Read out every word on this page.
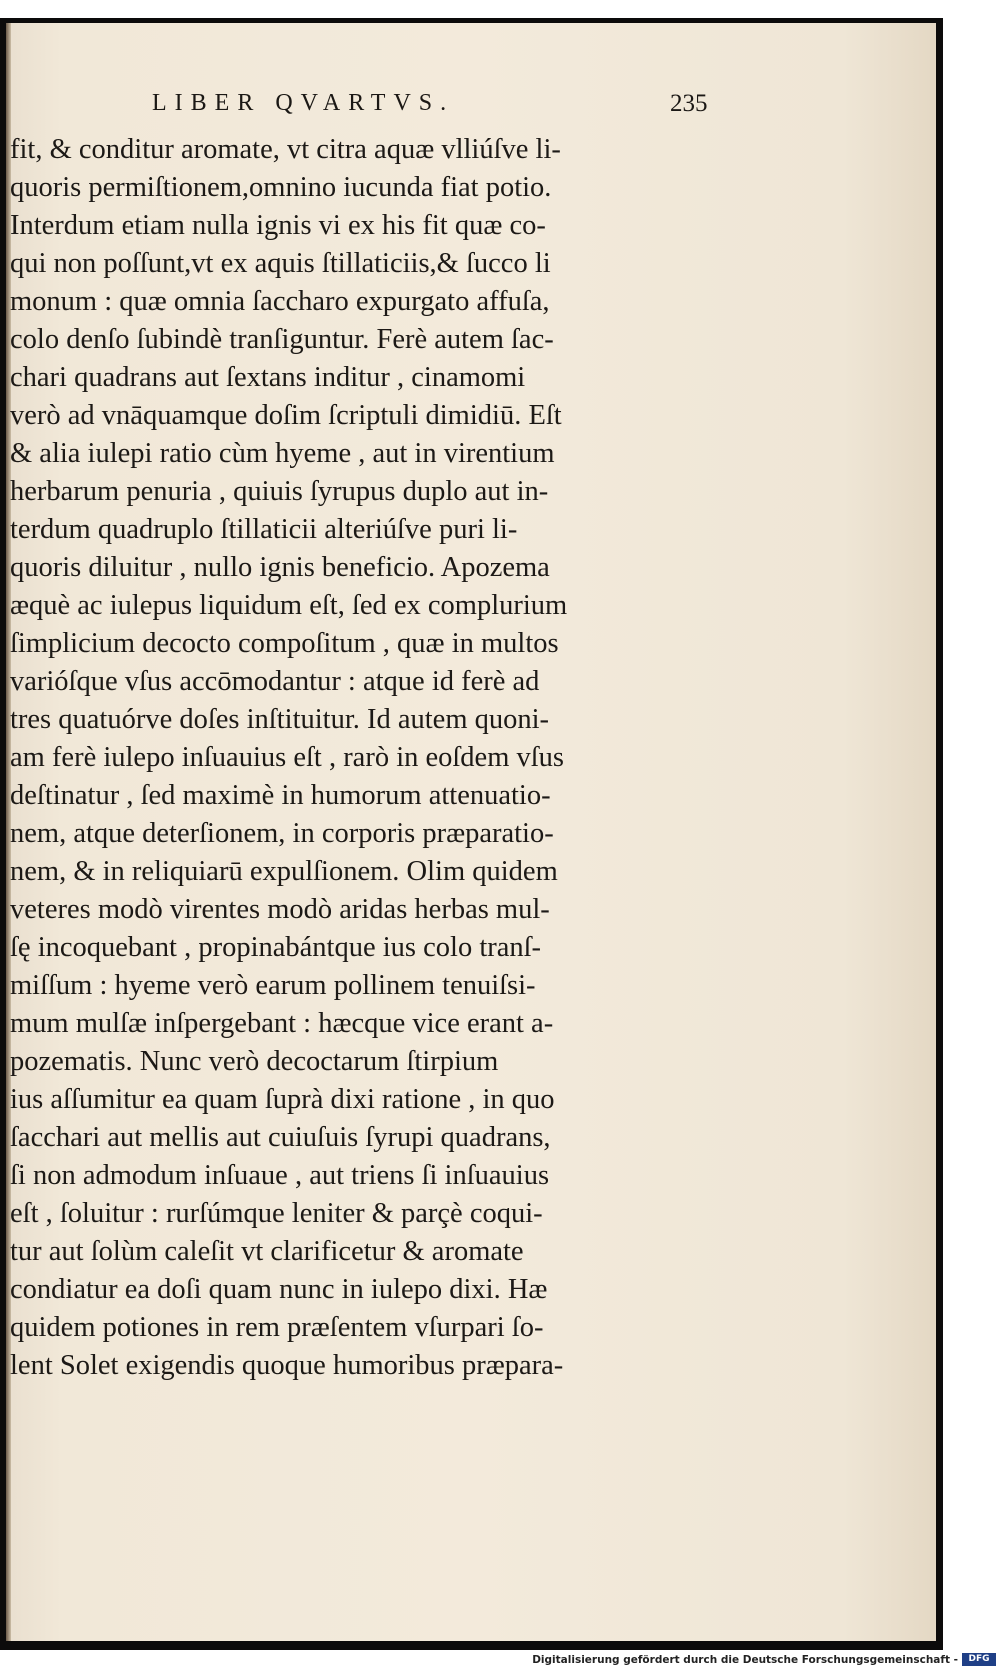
LIBER QVARTVS.	235
fit, & conditur aromate, vt citra aquæ vlliúſve li-
quoris permiſtionem,omnino iucunda fiat potio.
Interdum etiam nulla ignis vi ex his fit quæ co-
qui non poſſunt,vt ex aquis ſtillaticiis,& ſucco li
monum : quæ omnia ſaccharo expurgato affuſa,
colo denſo ſubindè tranſiguntur. Ferè autem ſac-
chari quadrans aut ſextans inditur , cinamomi
verò ad vnāquamque doſim ſcriptuli dimidiū. Eſt
& alia iulepi ratio cùm hyeme , aut in virentium
herbarum penuria , quiuis ſyrupus duplo aut in-
terdum quadruplo ſtillaticii alteriúſve puri li-
quoris diluitur , nullo ignis beneficio. Apozema
æquè ac iulepus liquidum eſt, ſed ex complurium
ſimplicium decocto compoſitum , quæ in multos
varióſque vſus accōmodantur : atque id ferè ad
tres quatuórve doſes inſtituitur. Id autem quoni-
am ferè iulepo inſuauius eſt , rarò in eoſdem vſus
deſtinatur , ſed maximè in humorum attenuatio-
nem, atque deterſionem, in corporis præparatio-
nem, & in reliquiarū expulſionem. Olim quidem
veteres modò virentes modò aridas herbas mul-
ſę incoquebant , propinabántque ius colo tranſ-
miſſum : hyeme verò earum pollinem tenuiſsi-
mum mulſæ inſpergebant : hæcque vice erant a-
pozematis. Nunc verò decoctarum ſtirpium
ius aſſumitur ea quam ſuprà dixi ratione , in quo
ſacchari aut mellis aut cuiuſuis ſyrupi quadrans,
ſi non admodum inſuaue , aut triens ſi inſuauius
eſt , ſoluitur : rurſúmque leniter & parçè coqui-
tur aut ſolùm caleſit vt clarificetur & aromate
condiatur ea doſi quam nunc in iulepo dixi. Hæ
quidem potiones in rem præſentem vſurpari ſo-
lent Solet exigendis quoque humoribus præpara-
Digitalisierung gefördert durch die Deutsche Forschungsgemeinschaft -	DFG
